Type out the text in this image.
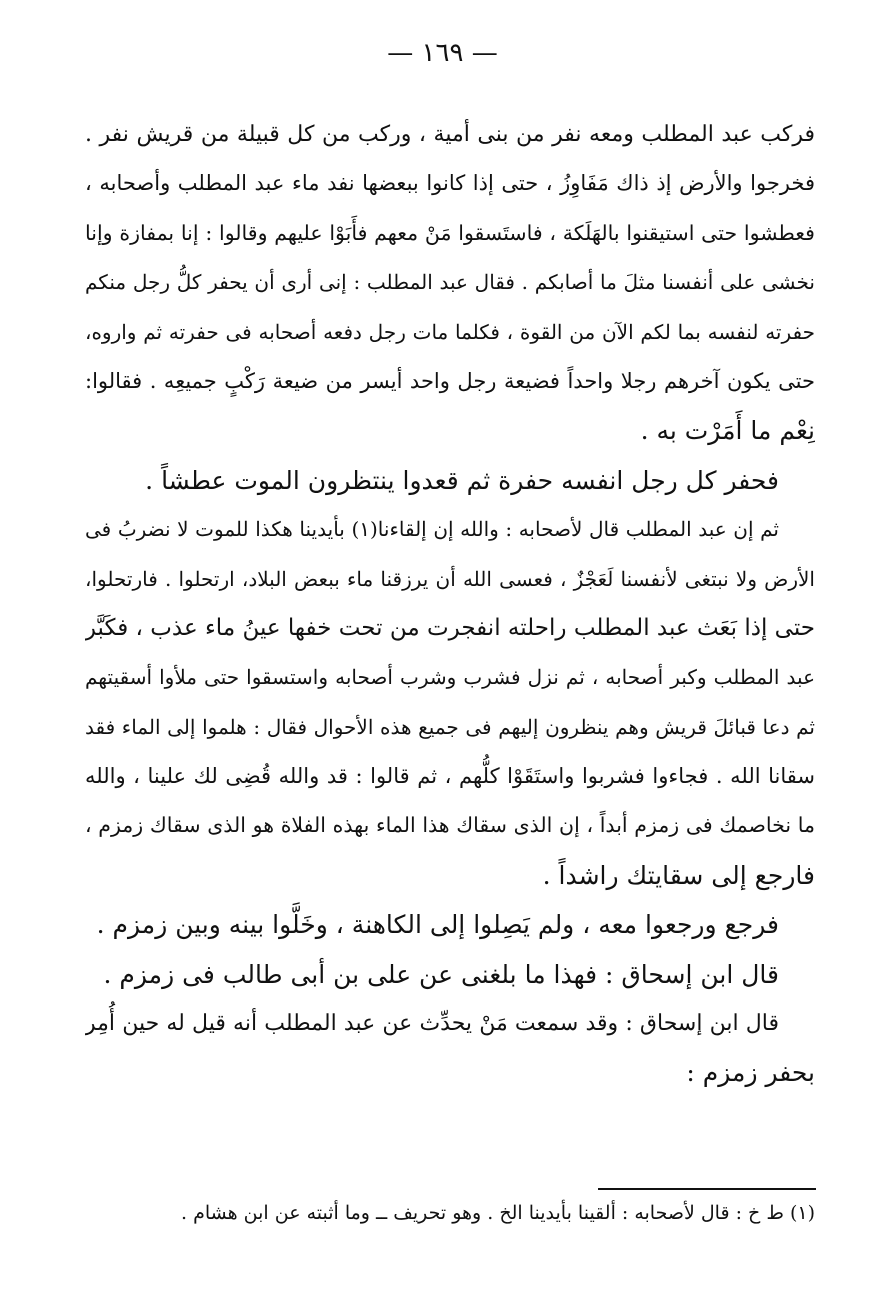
— ١٦٩ —
فركب عبد المطلب ومعه نفر من بنى أمية ، وركب من كل قبيلة من قريش نفر .
فخرجوا والأرض إذ ذاك مَفَاوِزُ ، حتى إذا كانوا ببعضها نفد ماء عبد المطلب وأصحابه ،
فعطشوا حتى استيقنوا بالهَلَكة ، فاستَسقوا مَنْ معهم فأَبَوْا عليهم وقالوا : إنا بمفازة وإنا
نخشى على أنفسنا مثلَ ما أصابكم . فقال عبد المطلب : إنى أرى أن يحفر كلُّ رجل منكم
حفرته لنفسه بما لكم الآن من القوة ، فكلما مات رجل دفعه أصحابه فى حفرته ثم واروه،
حتى يكون آخرهم رجلا واحداً فضيعة رجل واحد أيسر من ضيعة رَكْبٍ جميعِه . فقالوا:
نِعْم ما أَمَرْت به .
فحفر كل رجل انفسه حفرة ثم قعدوا ينتظرون الموت عطشاً .
ثم إن عبد المطلب قال لأصحابه : والله إن إلقاءنا(١) بأيدينا هكذا للموت لا نضربُ فى
الأرض ولا نبتغى لأنفسنا لَعَجْزٌ ، فعسى الله أن يرزقنا ماء ببعض البلاد، ارتحلوا . فارتحلوا،
حتى إذا بَعَث عبد المطلب راحلته انفجرت من تحت خفها عينُ ماء عذب ، فكَبَّر
عبد المطلب وكبر أصحابه ، ثم نزل فشرب وشرب أصحابه واستسقوا حتى ملأوا أسقيتهم
ثم دعا قبائلَ قريش وهم ينظرون إليهم فى جميع هذه الأحوال فقال : هلموا إلى الماء فقد
سقانا الله . فجاءوا فشربوا واستَقَوْا كلُّهم ، ثم قالوا : قد والله قُضِى لك علينا ، والله
ما نخاصمك فى زمزم أبداً ، إن الذى سقاك هذا الماء بهذه الفلاة هو الذى سقاك زمزم ،
فارجع إلى سقايتك راشداً .
فرجع ورجعوا معه ، ولم يَصِلوا إلى الكاهنة ، وخَلَّوا بينه وبين زمزم .
قال ابن إسحاق : فهذا ما بلغنى عن على بن أبى طالب فى زمزم .
قال ابن إسحاق : وقد سمعت مَنْ يحدِّث عن عبد المطلب أنه قيل له حين أُمِر
بحفر زمزم :
(١) ط خ : قال لأصحابه : ألقينا بأيدينا الخ . وهو تحريف ــ وما أثبته عن ابن هشام .
